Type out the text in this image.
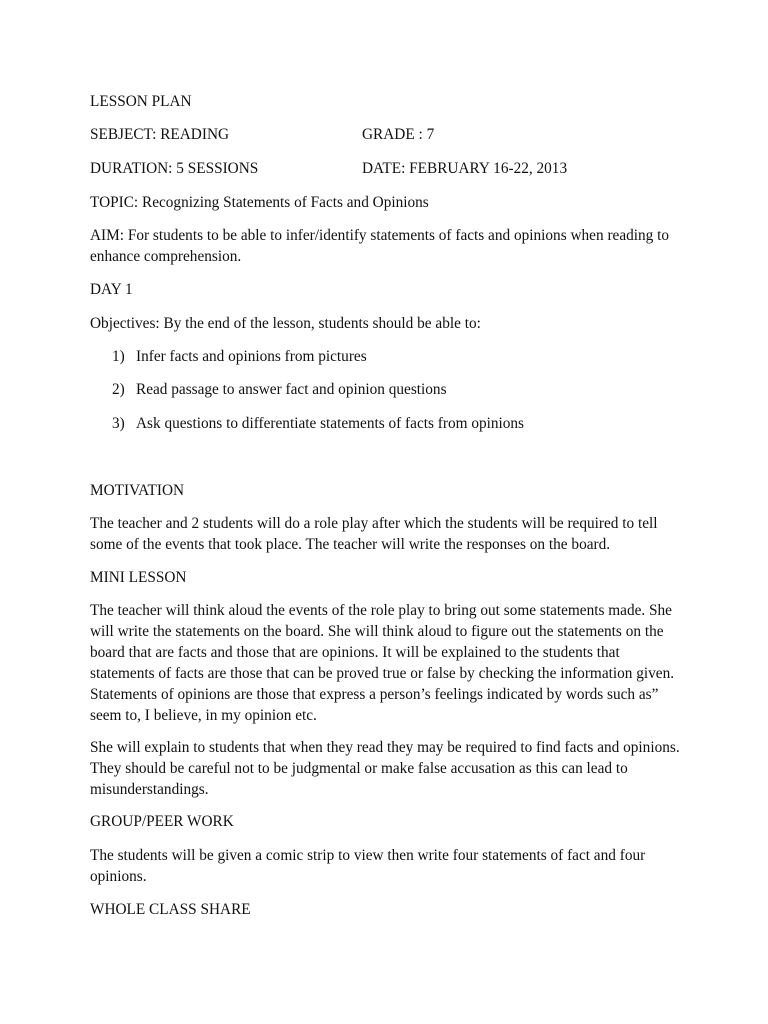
LESSON PLAN
SEBJECT: READING	GRADE : 7
DURATION: 5 SESSIONS	DATE: FEBRUARY 16-22, 2013
TOPIC: Recognizing Statements of Facts and Opinions
AIM: For students to be able to infer/identify statements of facts and opinions when reading to
enhance comprehension.
DAY 1
Objectives: By the end of the lesson, students should be able to:
1) Infer facts and opinions from pictures
2) Read passage to answer fact and opinion questions
3) Ask questions to differentiate statements of facts from opinions
MOTIVATION
The teacher and 2 students will do a role play after which the students will be required to tell
some of the events that took place. The teacher will write the responses on the board.
MINI LESSON
The teacher will think aloud the events of the role play to bring out some statements made. She
will write the statements on the board. She will think aloud to figure out the statements on the
board that are facts and those that are opinions. It will be explained to the students that
statements of facts are those that can be proved true or false by checking the information given.
Statements of opinions are those that express a person’s feelings indicated by words such as”
seem to, I believe, in my opinion etc.
She will explain to students that when they read they may be required to find facts and opinions.
They should be careful not to be judgmental or make false accusation as this can lead to
misunderstandings.
GROUP/PEER WORK
The students will be given a comic strip to view then write four statements of fact and four
opinions.
WHOLE CLASS SHARE
